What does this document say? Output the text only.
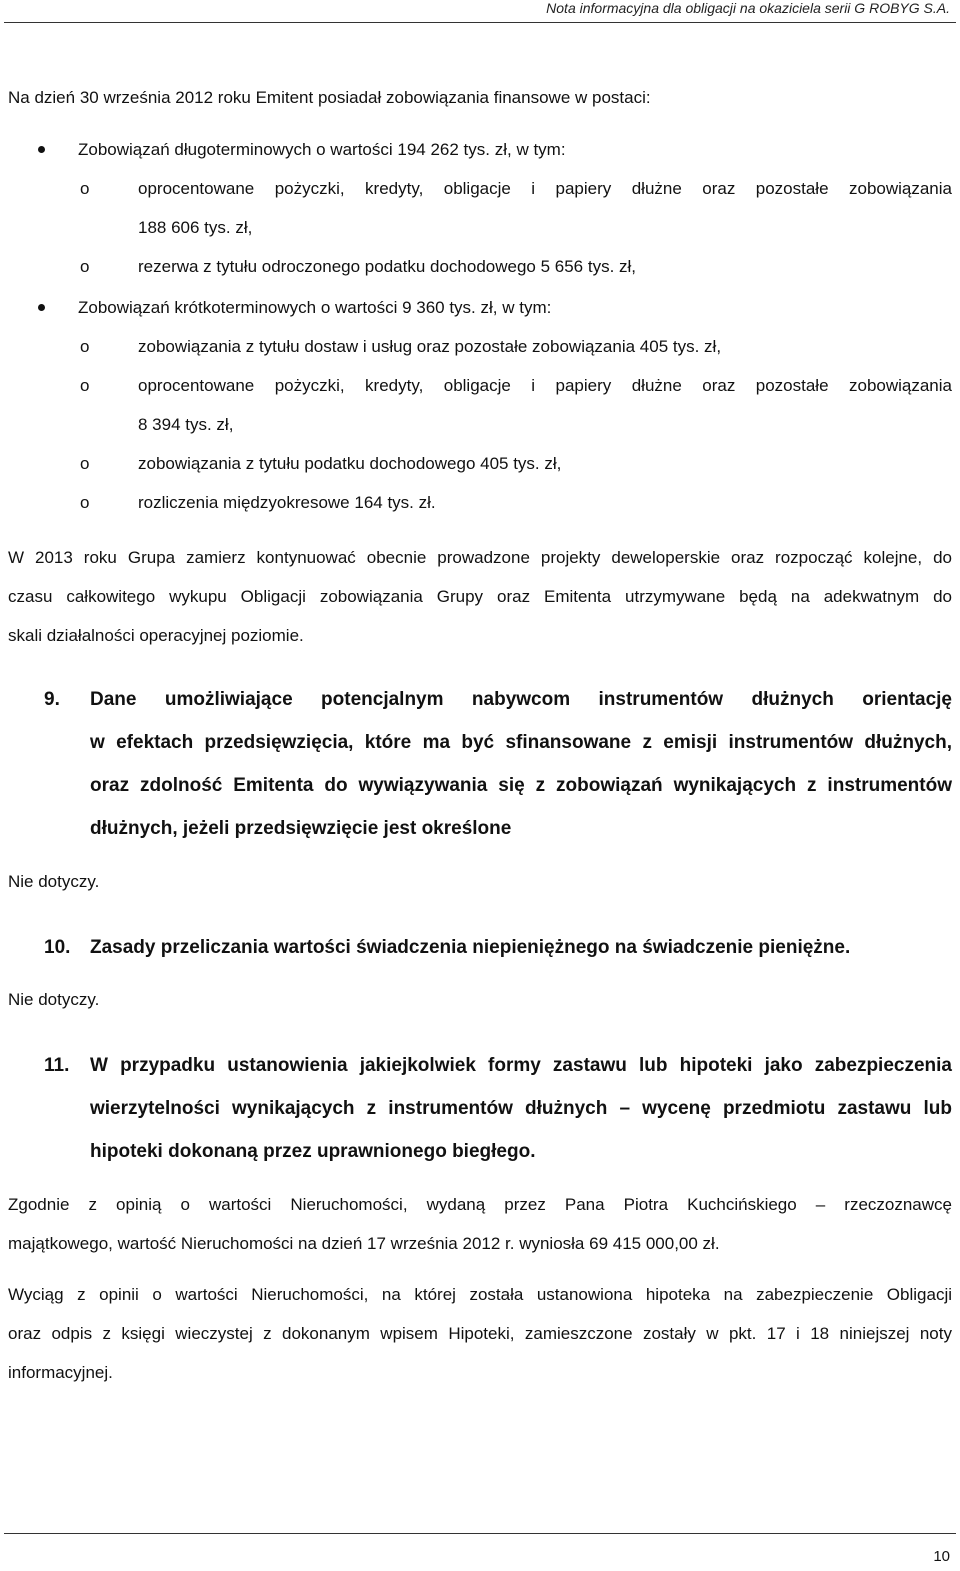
Nota informacyjna dla obligacji na okaziciela serii G ROBYG S.A.
Na dzień 30 września 2012 roku Emitent posiadał zobowiązania finansowe w postaci:
Zobowiązań długoterminowych o wartości 194 262 tys. zł, w tym:
o	oprocentowane pożyczki, kredyty, obligacje i papiery dłużne oraz pozostałe zobowiązania
188 606 tys. zł,
o	rezerwa z tytułu odroczonego podatku dochodowego 5 656 tys. zł,
Zobowiązań krótkoterminowych o wartości 9 360 tys. zł, w tym:
o	zobowiązania z tytułu dostaw i usług oraz pozostałe zobowiązania 405 tys. zł,
o	oprocentowane pożyczki, kredyty, obligacje i papiery dłużne oraz pozostałe zobowiązania
8 394 tys. zł,
o	zobowiązania z tytułu podatku dochodowego 405 tys. zł,
o	rozliczenia międzyokresowe 164 tys. zł.
W 2013 roku Grupa zamierz kontynuować obecnie prowadzone projekty deweloperskie oraz rozpocząć kolejne, do
czasu całkowitego wykupu Obligacji zobowiązania Grupy oraz Emitenta utrzymywane będą na adekwatnym do
skali działalności operacyjnej poziomie.
9. Dane umożliwiające potencjalnym nabywcom instrumentów dłużnych orientację
w efektach przedsięwzięcia, które ma być sfinansowane z emisji instrumentów dłużnych,
oraz zdolność Emitenta do wywiązywania się z zobowiązań wynikających z instrumentów
dłużnych, jeżeli przedsięwzięcie jest określone
Nie dotyczy.
10. Zasady przeliczania wartości świadczenia niepieniężnego na świadczenie pieniężne.
Nie dotyczy.
11. W przypadku ustanowienia jakiejkolwiek formy zastawu lub hipoteki jako zabezpieczenia
wierzytelności wynikających z instrumentów dłużnych – wycenę przedmiotu zastawu lub
hipoteki dokonaną przez uprawnionego biegłego.
Zgodnie z opinią o wartości Nieruchomości, wydaną przez Pana Piotra Kuchcińskiego – rzeczoznawcę
majątkowego, wartość Nieruchomości na dzień 17 września 2012 r. wyniosła 69 415 000,00 zł.
Wyciąg z opinii o wartości Nieruchomości, na której została ustanowiona hipoteka na zabezpieczenie Obligacji
oraz odpis z księgi wieczystej z dokonanym wpisem Hipoteki, zamieszczone zostały w pkt. 17 i 18 niniejszej noty
informacyjnej.
10
